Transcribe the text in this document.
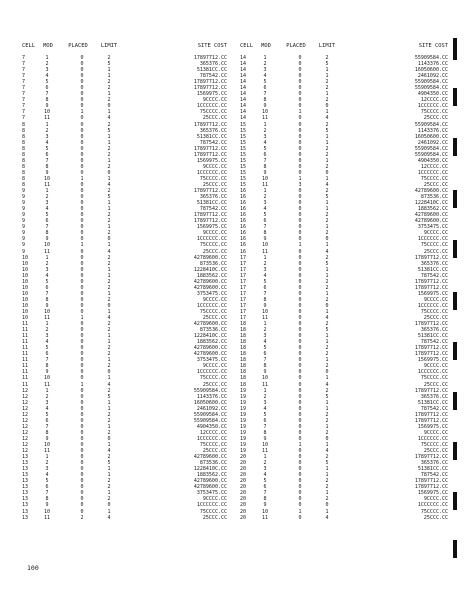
CELL	MOD	PLACED	LIMIT	SITE COST
7	1	0	2	17897712.CC
7	2	0	5	365376.CC
7	3	0	1	51381CC.CC
7	4	0	1	787542.CC
7	5	0	2	17897712.CC
7	6	0	2	17897712.CC
7	7	0	1	1569975.CC
7	8	0	2	9CCCC.CC
7	9	0	0	1CCCCCC.CC
7	10	1	1	75CCCC.CC
7	11	0	4	25CCC.CC
8	1	0	2	17897712.CC
8	2	0	5	365376.CC
8	3	0	1	51381CC.CC
8	4	0	1	787542.CC
8	5	0	2	17897712.CC
8	6	0	2	17897712.CC
8	7	0	1	1569975.CC
8	8	0	2	9CCCC.CC
8	9	0	0	1CCCCCC.CC
8	10	1	1	75CCCC.CC
8	11	0	4	25CCC.CC
9	1	0	2	17897712.CC
9	2	0	5	365376.CC
9	3	0	1	51381CC.CC
9	4	0	1	787542.CC
9	5	0	2	17897712.CC
9	6	0	2	17897712.CC
9	7	0	1	1569975.CC
9	8	0	2	9CCCC.CC
9	9	0	0	1CCCCCC.CC
9	10	1	1	75CCCC.CC
9	11	0	4	25CCC.CC
10	1	0	2	42789600.CC
10	2	0	2	873536.CC
10	3	0	1	1228410C.CC
10	4	0	1	1883562.CC
10	5	0	2	42789600.CC
10	6	0	2	42789600.CC
10	7	0	1	3753475.CC
10	8	0	2	9CCCC.CC
10	9	0	0	1CCCCCC.CC
10	10	0	1	75CCCC.CC
10	11	1	4	25CCC.CC
11	1	0	2	42789600.CC
11	2	0	2	873536.CC
11	3	0	1	1228410C.CC
11	4	0	1	1883562.CC
11	5	0	2	42789600.CC
11	6	0	2	42789600.CC
11	7	0	1	3753475.CC
11	8	0	2	9CCCC.CC
11	9	0	0	1CCCCCC.CC
11	10	0	1	75CCCC.CC
11	11	1	4	25CCC.CC
12	1	0	2	55909584.CC
12	2	0	5	1143376.CC
12	3	0	1	16050600.CC
12	4	0	1	2461092.CC
12	5	0	2	55909584.CC
12	6	0	2	55909584.CC
12	7	0	1	4904350.CC
12	8	0	2	12CCCC.CC
12	9	0	0	1CCCCCC.CC
12	10	0	1	75CCCC.CC
12	11	0	4	25CCC.CC
13	1	0	2	42789600.CC
13	2	0	5	873536.CC
13	3	0	1	1228410C.CC
13	4	0	1	1883562.CC
13	5	0	2	42789600.CC
13	6	0	2	42789600.CC
13	7	0	1	3753475.CC
13	8	0	2	9CCCC.CC
13	9	0	0	1CCCCCC.CC
13	10	0	1	75CCCC.CC
13	11	2	4	25CCC.CC
CELL	MOD	PLACED	LIMIT	SITE COST
14	1	0	2	55909584.CC
14	2	0	5	1143376.CC
14	3	0	1	16050600.CC
14	4	0	1	2461092.CC
14	5	0	2	55909584.CC
14	6	0	2	55909584.CC
14	7	0	1	4904350.CC
14	8	0	2	12CCCC.CC
14	9	0	0	1CCCCCC.CC
14	10	1	1	75CCCC.CC
14	11	0	4	25CCC.CC
15	1	0	2	55909584.CC
15	2	0	5	1143376.CC
15	3	0	1	16050600.CC
15	4	0	1	2461092.CC
15	5	0	2	55909584.CC
15	6	0	2	55909584.CC
15	7	0	1	4904350.CC
15	8	0	2	12CCCC.CC
15	9	0	0	1CCCCCC.CC
15	10	1	1	75CCCC.CC
15	11	3	4	25CCC.CC
16	1	0	2	42789600.CC
16	2	0	5	873536.CC
16	3	0	1	1228410C.CC
16	4	0	1	1883562.CC
16	5	0	2	42789600.CC
16	6	0	2	42789600.CC
16	7	0	1	3753475.CC
16	8	0	2	9CCCC.CC
16	9	0	0	1CCCCCC.CC
16	10	1	1	75CCCC.CC
16	11	0	4	25CCC.CC
17	1	0	2	17897712.CC
17	2	0	5	365376.CC
17	3	0	1	51381CC.CC
17	4	0	1	787542.CC
17	5	0	2	17897712.CC
17	6	0	2	17897712.CC
17	7	0	1	1569975.CC
17	8	0	2	9CCCC.CC
17	9	0	0	1CCCCCC.CC
17	10	0	1	75CCCC.CC
17	11	0	4	25CCC.CC
18	1	0	2	17897712.CC
18	2	0	5	365376.CC
18	3	0	1	51381CC.CC
18	4	0	1	787542.CC
18	5	0	2	17897712.CC
18	6	0	2	17897712.CC
18	7	0	1	1569975.CC
18	8	0	2	9CCCC.CC
18	9	0	0	1CCCCCC.CC
18	10	0	1	75CCCC.CC
18	11	0	4	25CCC.CC
19	1	0	2	17897712.CC
19	2	0	5	365376.CC
19	3	0	1	51381CC.CC
19	4	0	1	787542.CC
19	5	0	2	17897712.CC
19	6	0	2	17897712.CC
19	7	0	1	1569975.CC
19	8	0	2	9CCCC.CC
19	9	0	0	1CCCCCC.CC
19	10	1	1	75CCCC.CC
19	11	0	4	25CCC.CC
20	1	0	2	17897712.CC
20	2	0	5	365376.CC
20	3	0	1	51381CC.CC
20	4	0	1	787542.CC
20	5	0	2	17897712.CC
20	6	0	2	17897712.CC
20	7	0	1	1569975.CC
20	8	0	2	9CCCC.CC
20	9	0	0	1CCCCCC.CC
20	10	1	1	75CCCC.CC
20	11	0	4	25CCC.CC
100
